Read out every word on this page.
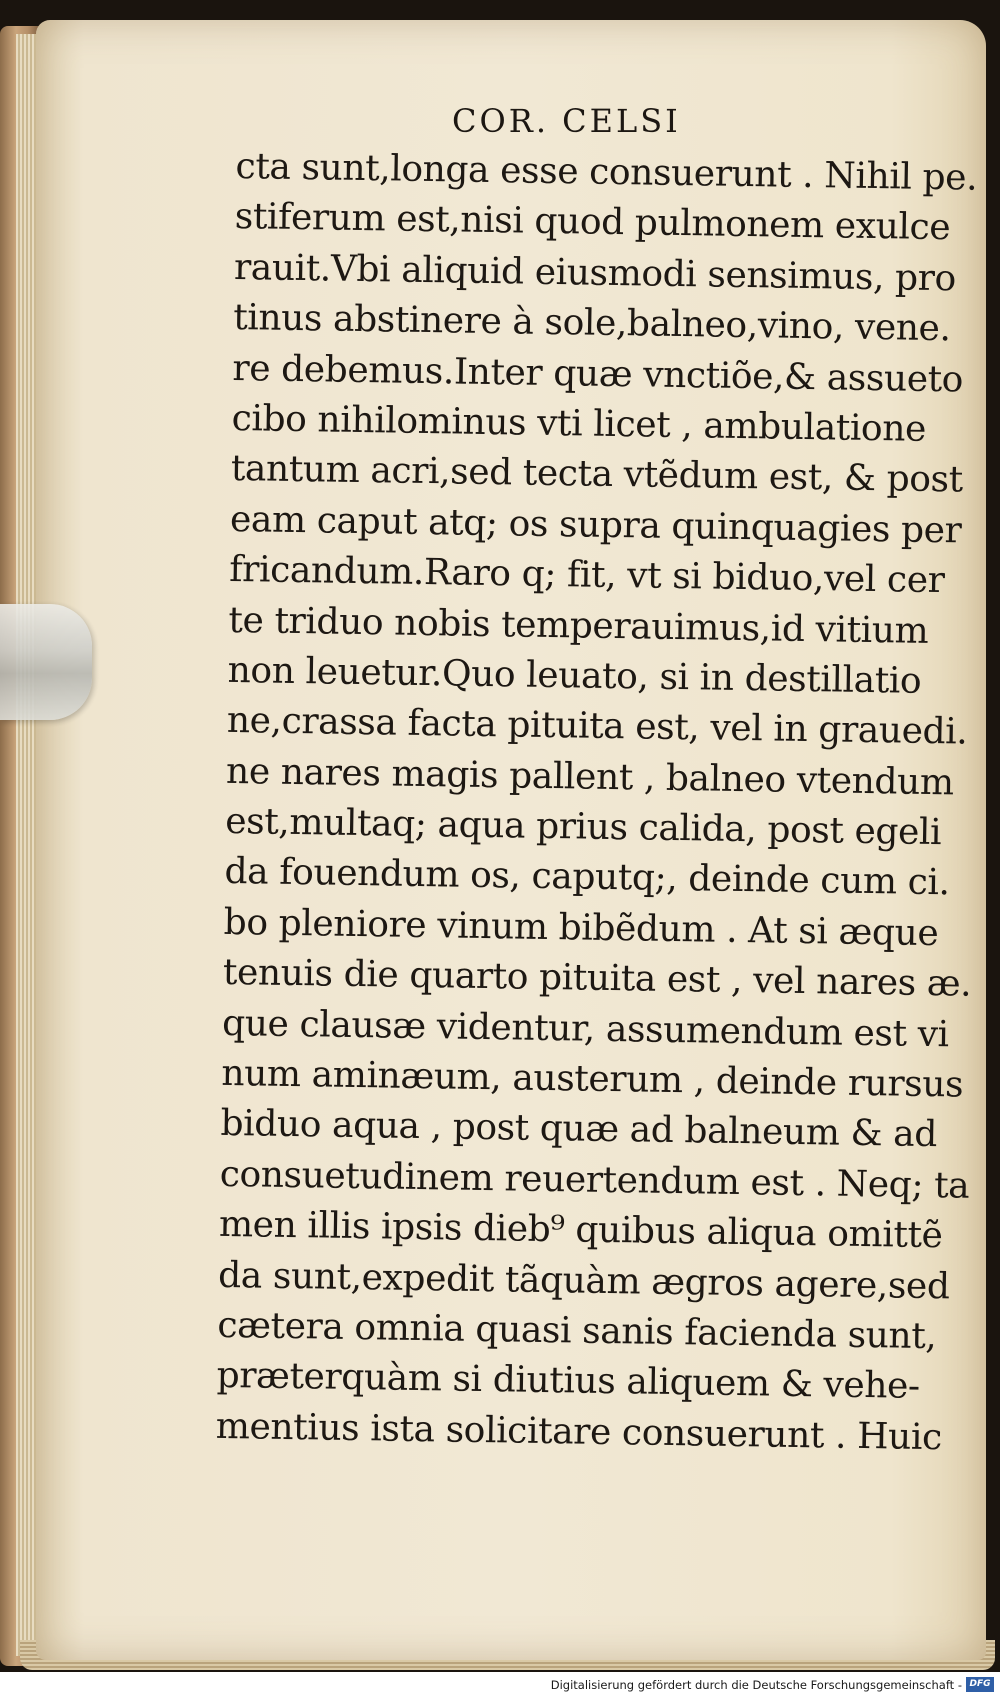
COR. CELSI
cta sunt,longa esse consuerunt . Nihil pe.
stiferum est,nisi quod pulmonem exulce
rauit.Vbi aliquid eiusmodi sensimus, pro
tinus abstinere à sole,balneo,vino, vene.
re debemus.Inter quæ vnctiõe,& assueto
cibo nihilominus vti licet , ambulatione
tantum acri,sed tecta vtẽdum est, & post
eam caput atq; os supra quinquagies per
fricandum.Raro q; fit, vt si biduo,vel cer
te triduo nobis temperauimus,id vitium
non leuetur.Quo leuato, si in destillatio
ne,crassa facta pituita est, vel in grauedi.
ne nares magis pallent , balneo vtendum
est,multaq; aqua prius calida, post egeli
da fouendum os, caputq;, deinde cum ci.
bo pleniore vinum bibẽdum . At si æque
tenuis die quarto pituita est , vel nares æ.
que clausæ videntur, assumendum est vi
num aminæum, austerum , deinde rursus
biduo aqua , post quæ ad balneum & ad
consuetudinem reuertendum est . Neq; ta
men illis ipsis dieb⁹ quibus aliqua omittẽ
da sunt,expedit tãquàm ægros agere,sed
cætera omnia quasi sanis facienda sunt,
præterquàm si diutius aliquem & vehe-
mentius ista solicitare consuerunt . Huic
Digitalisierung gefördert durch die Deutsche Forschungsgemeinschaft - DFG
